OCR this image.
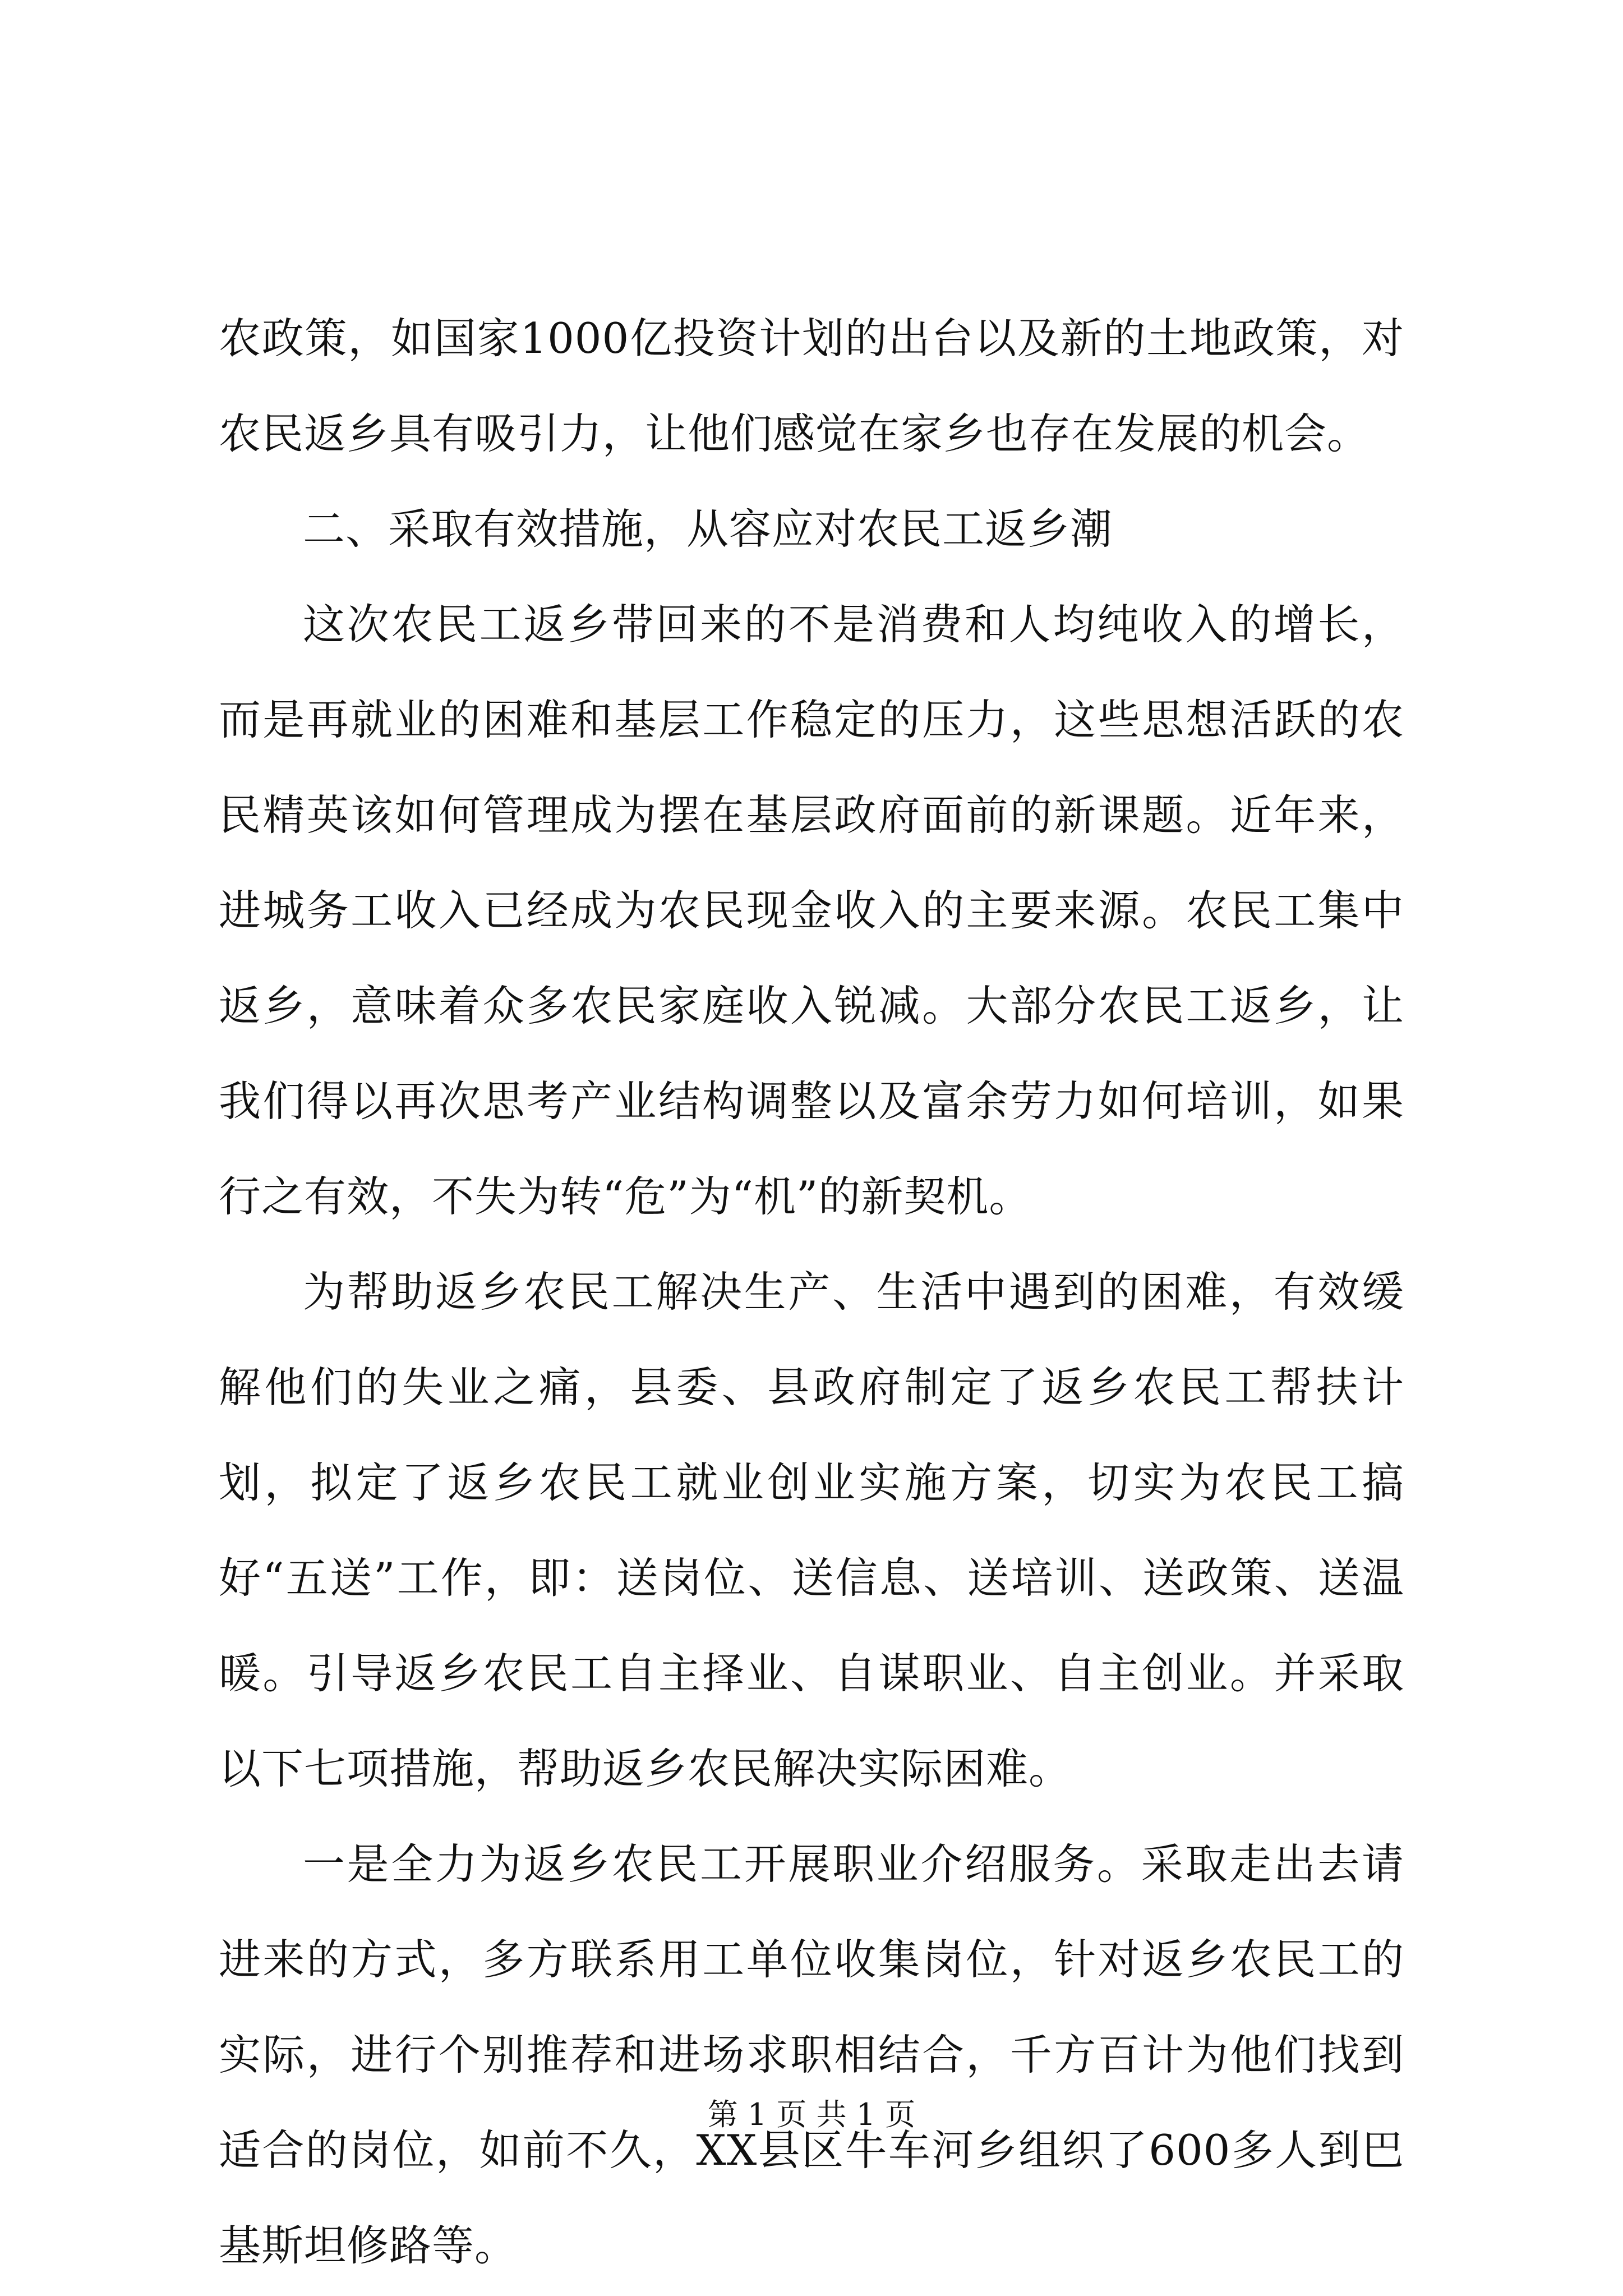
农政策，如国家1000亿投资计划的出台以及新的土地政策，对农民返乡具有吸引力，让他们感觉在家乡也存在发展的机会。

二、采取有效措施，从容应对农民工返乡潮

这次农民工返乡带回来的不是消费和人均纯收入的增长，而是再就业的困难和基层工作稳定的压力，这些思想活跃的农民精英该如何管理成为摆在基层政府面前的新课题。近年来，进城务工收入已经成为农民现金收入的主要来源。农民工集中返乡，意味着众多农民家庭收入锐减。大部分农民工返乡，让我们得以再次思考产业结构调整以及富余劳力如何培训，如果行之有效，不失为转“危”为“机”的新契机。

为帮助返乡农民工解决生产、生活中遇到的困难，有效缓解他们的失业之痛，县委、县政府制定了返乡农民工帮扶计划，拟定了返乡农民工就业创业实施方案，切实为农民工搞好“五送”工作，即：送岗位、送信息、送培训、送政策、送温暖。引导返乡农民工自主择业、自谋职业、自主创业。并采取以下七项措施，帮助返乡农民解决实际困难。

一是全力为返乡农民工开展职业介绍服务。采取走出去请进来的方式，多方联系用工单位收集岗位，针对返乡农民工的实际，进行个别推荐和进场求职相结合，千方百计为他们找到适合的岗位，如前不久，XX县区牛车河乡组织了600多人到巴基斯坦修路等。

第 1 页 共 1 页
